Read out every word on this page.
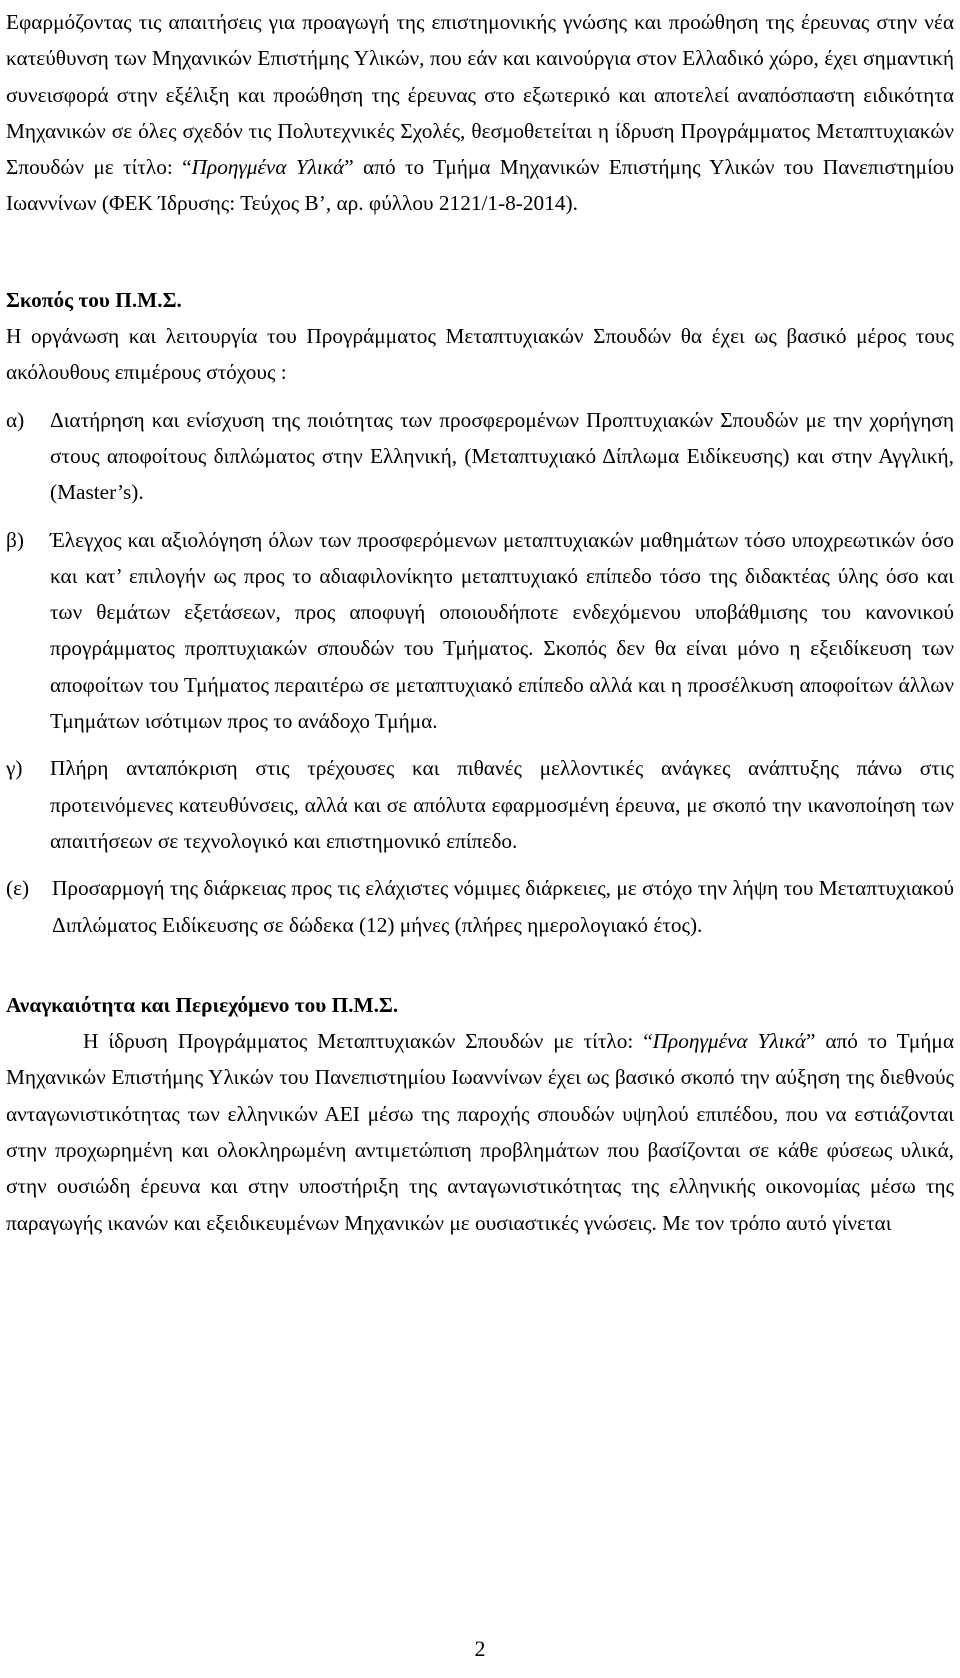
Εφαρμόζοντας τις απαιτήσεις για προαγωγή της επιστημονικής γνώσης και προώθηση της έρευνας στην νέα κατεύθυνση των Μηχανικών Επιστήμης Υλικών, που εάν και καινούργια στον Ελλαδικό χώρο, έχει σημαντική συνεισφορά στην εξέλιξη και προώθηση της έρευνας στο εξωτερικό και αποτελεί αναπόσπαστη ειδικότητα Μηχανικών σε όλες σχεδόν τις Πολυτεχνικές Σχολές, θεσμοθετείται η ίδρυση Προγράμματος Μεταπτυχιακών Σπουδών με τίτλο: “Προηγμένα Υλικά” από το Τμήμα Μηχανικών Επιστήμης Υλικών του Πανεπιστημίου Ιωαννίνων (ΦΕΚ Ίδρυσης: Τεύχος Β’, αρ. φύλλου 2121/1-8-2014).

Σκοπός του Π.Μ.Σ.

Η οργάνωση και λειτουργία του Προγράμματος Μεταπτυχιακών Σπουδών θα έχει ως βασικό μέρος τους ακόλουθους επιμέρους στόχους :

α)	Διατήρηση και ενίσχυση της ποιότητας των προσφερομένων Προπτυχιακών Σπουδών με την χορήγηση στους αποφοίτους διπλώματος στην Ελληνική, (Μεταπτυχιακό Δίπλωμα Ειδίκευσης) και στην Αγγλική, (Master’s).
β)	Έλεγχος και αξιολόγηση όλων των προσφερόμενων μεταπτυχιακών μαθημάτων τόσο υποχρεωτικών όσο και κατ’ επιλογήν ως προς το αδιαφιλονίκητο μεταπτυχιακό επίπεδο τόσο της διδακτέας ύλης όσο και των θεμάτων εξετάσεων, προς αποφυγή οποιουδήποτε ενδεχόμενου υποβάθμισης του κανονικού προγράμματος προπτυχιακών σπουδών του Τμήματος. Σκοπός δεν θα είναι μόνο η εξειδίκευση των αποφοίτων του Τμήματος περαιτέρω σε μεταπτυχιακό επίπεδο αλλά και η προσέλκυση αποφοίτων άλλων Τμημάτων ισότιμων προς το ανάδοχο Τμήμα.
γ)	Πλήρη ανταπόκριση στις τρέχουσες και πιθανές μελλοντικές ανάγκες ανάπτυξης πάνω στις προτεινόμενες κατευθύνσεις, αλλά και σε απόλυτα εφαρμοσμένη έρευνα, με σκοπό την ικανοποίηση των απαιτήσεων σε τεχνολογικό και επιστημονικό επίπεδο.
(ε)	Προσαρμογή της διάρκειας προς τις ελάχιστες νόμιμες διάρκειες, με στόχο την λήψη του Μεταπτυχιακού Διπλώματος Ειδίκευσης σε δώδεκα (12) μήνες (πλήρες ημερολογιακό έτος).
Αναγκαιότητα και Περιεχόμενο του Π.Μ.Σ.

Η ίδρυση Προγράμματος Μεταπτυχιακών Σπουδών με τίτλο: “Προηγμένα Υλικά” από το Τμήμα Μηχανικών Επιστήμης Υλικών του Πανεπιστημίου Ιωαννίνων έχει ως βασικό σκοπό την αύξηση της διεθνούς ανταγωνιστικότητας των ελληνικών ΑΕΙ μέσω της παροχής σπουδών υψηλού επιπέδου, που να εστιάζονται στην προχωρημένη και ολοκληρωμένη αντιμετώπιση προβλημάτων που βασίζονται σε κάθε φύσεως υλικά, στην ουσιώδη έρευνα και στην υποστήριξη της ανταγωνιστικότητας της ελληνικής οικονομίας μέσω της παραγωγής ικανών και εξειδικευμένων Μηχανικών με ουσιαστικές γνώσεις. Με τον τρόπο αυτό γίνεται

2
